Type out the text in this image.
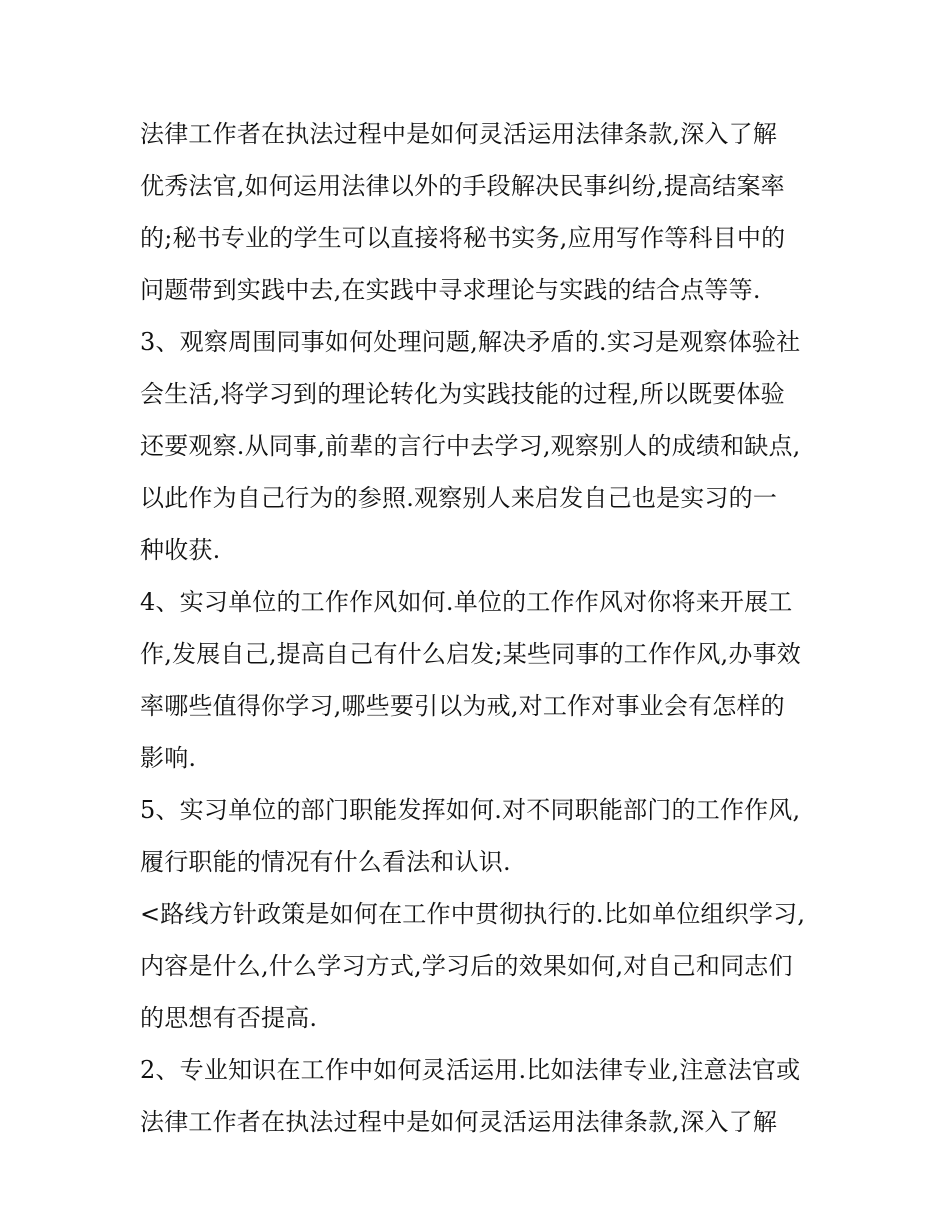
法律工作者在执法过程中是如何灵活运用法律条款,深入了解
优秀法官,如何运用法律以外的手段解决民事纠纷,提高结案率
的;秘书专业的学生可以直接将秘书实务,应用写作等科目中的
问题带到实践中去,在实践中寻求理论与实践的结合点等等.
3、观察周围同事如何处理问题,解决矛盾的.实习是观察体验社
会生活,将学习到的理论转化为实践技能的过程,所以既要体验
还要观察.从同事,前辈的言行中去学习,观察别人的成绩和缺点,
以此作为自己行为的参照.观察别人来启发自己也是实习的一
种收获.
4、实习单位的工作作风如何.单位的工作作风对你将来开展工
作,发展自己,提高自己有什么启发;某些同事的工作作风,办事效
率哪些值得你学习,哪些要引以为戒,对工作对事业会有怎样的
影响.
5、实习单位的部门职能发挥如何.对不同职能部门的工作作风,
履行职能的情况有什么看法和认识.
<路线方针政策是如何在工作中贯彻执行的.比如单位组织学习,
内容是什么,什么学习方式,学习后的效果如何,对自己和同志们
的思想有否提高.
2、专业知识在工作中如何灵活运用.比如法律专业,注意法官或
法律工作者在执法过程中是如何灵活运用法律条款,深入了解
